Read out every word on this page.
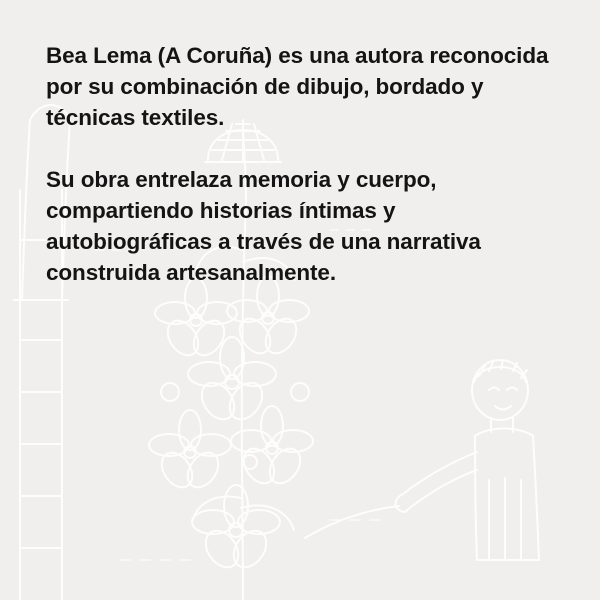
Bea Lema (A Coruña) es una autora reconocida por su combinación de dibujo, bordado y técnicas textiles.

Su obra entrelaza memoria y cuerpo, compartiendo historias íntimas y autobiográficas a través de una narrativa construida artesanalmente.
